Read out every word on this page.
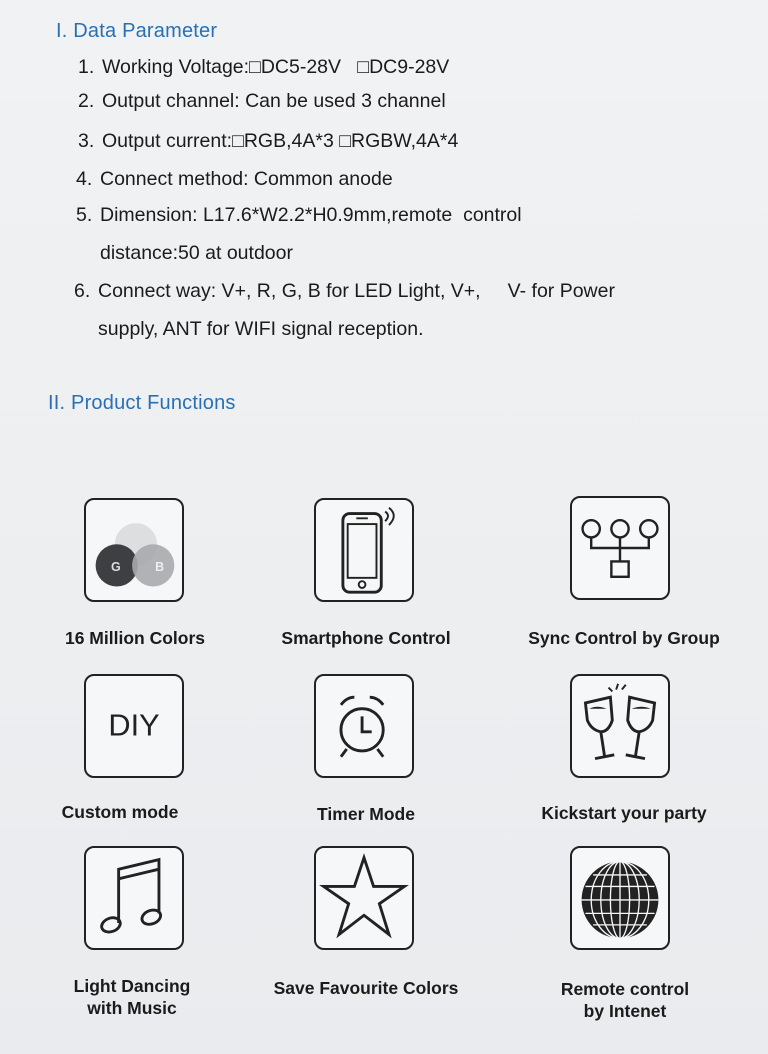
I. Data Parameter
1. Working Voltage:□DC5-28V   □DC9-28V
2. Output channel: Can be used 3 channel
3. Output current:□RGB,4A*3 □RGBW,4A*4
4. Connect method: Common anode
5. Dimension: L17.6*W2.2*H0.9mm,remote  control
distance:50 at outdoor
6. Connect way: V+, R, G, B for LED Light, V+,     V- for Power
supply, ANT for WIFI signal reception.
II. Product Functions
G	B
16 Million Colors	Smartphone Control	Sync Control by Group
DIY
Custom mode	Timer Mode	Kickstart your party
Light Dancing
with Music
Save Favourite Colors	Remote control
by Intenet
